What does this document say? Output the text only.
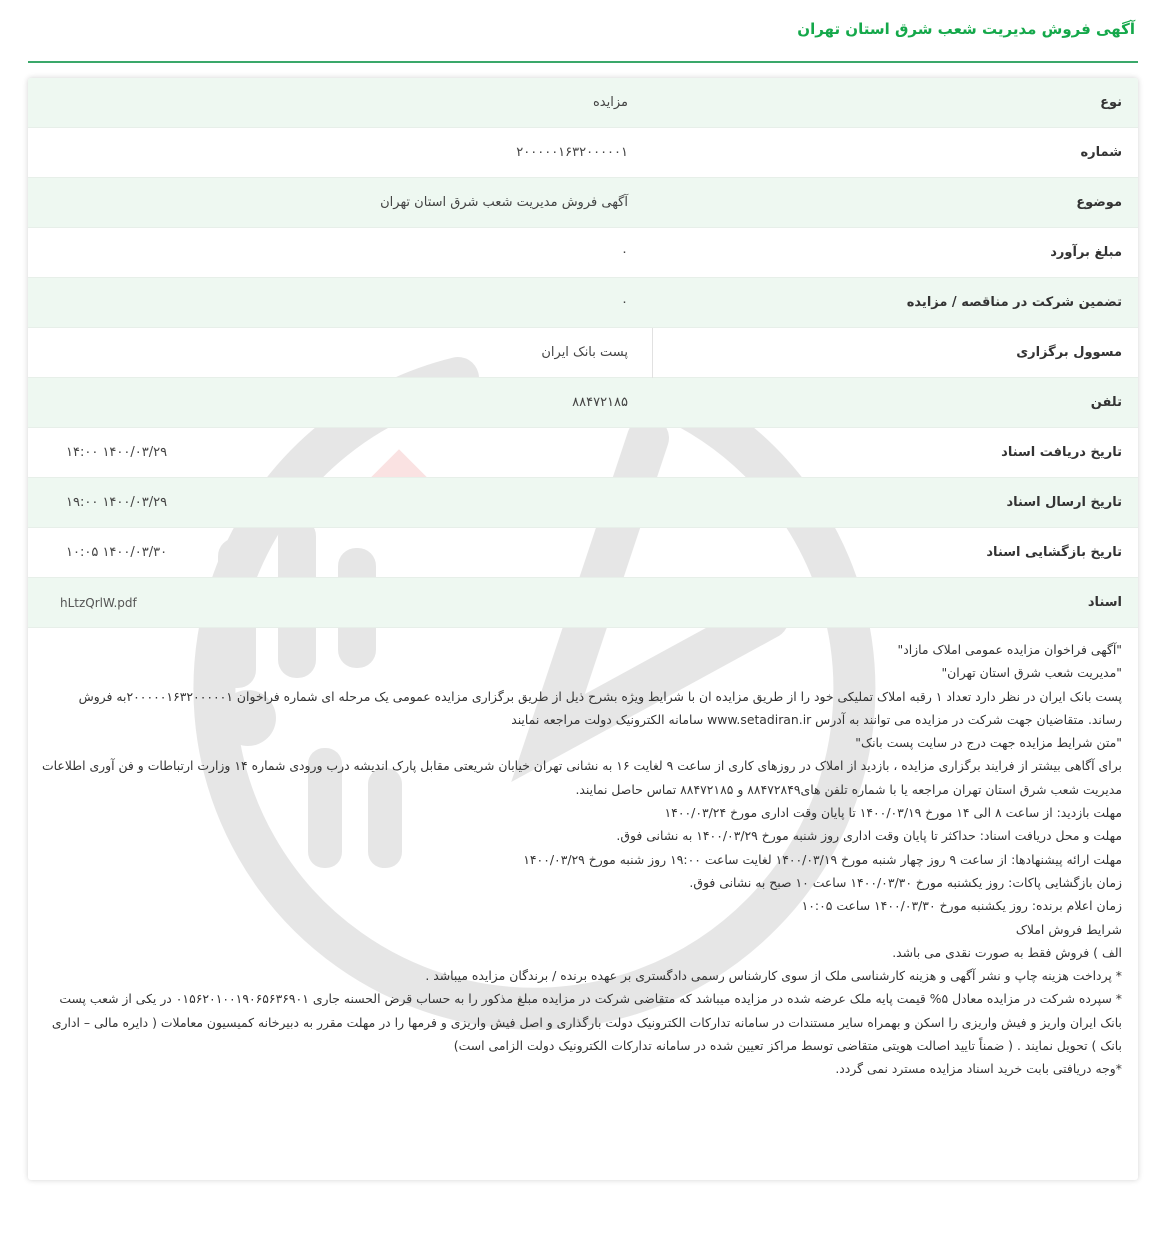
آگهی فروش مدیریت شعب شرق استان تهران
نوع
مزایده
شماره
۲۰۰۰۰۰۱۶۳۲۰۰۰۰۰۱
موضوع
آگهی فروش مدیریت شعب شرق استان تهران
مبلغ برآورد
۰
تضمین شرکت در مناقصه / مزایده
۰
مسوول برگزاری
پست بانک ایران
تلفن
۸۸۴۷۲۱۸۵
تاریخ دریافت اسناد
۱۴۰۰/۰۳/۲۹ ۱۴:۰۰
تاریخ ارسال اسناد
۱۴۰۰/۰۳/۲۹ ۱۹:۰۰
تاریخ بازگشایی اسناد
۱۴۰۰/۰۳/۳۰ ۱۰:۰۵
اسناد
hLtzQrlW.pdf

"آگهی فراخوان مزایده عمومی املاک مازاد"

"مدیریت شعب شرق استان تهران"

پست بانک ایران در نظر دارد تعداد ۱ رقبه املاک تملیکی خود را از طریق مزایده ان با شرایط ویژه بشرح ذیل از طریق برگزاری مزایده عمومی یک مرحله ای شماره فراخوان ۲۰۰۰۰۰۱۶۳۲۰۰۰۰۰۱به فروش رساند. متقاضیان جهت شرکت در مزایده می توانند به آدرس www.setadiran.ir سامانه الکترونیک دولت مراجعه نمایند

"متن شرایط مزایده جهت درج در سایت پست بانک"

برای آگاهی بیشتر از فرایند برگزاری مزایده ، بازدید از املاک در روزهای کاری از ساعت ۹ لغایت ۱۶ به نشانی تهران خیابان شریعتی مقابل پارک اندیشه درب ورودی شماره ۱۴ وزارت ارتباطات و فن آوری اطلاعات مدیریت شعب شرق استان تهران مراجعه یا با شماره تلفن های۸۸۴۷۲۸۴۹ و ۸۸۴۷۲۱۸۵ تماس حاصل نمایند.

مهلت بازدید: از ساعت ۸ الی ۱۴ مورخ ۱۴۰۰/۰۳/۱۹ تا پایان وقت اداری مورخ ۱۴۰۰/۰۳/۲۴

مهلت و محل دریافت اسناد: حداکثر تا پایان وقت اداری روز شنبه مورخ ۱۴۰۰/۰۳/۲۹ به نشانی فوق.

مهلت ارائه پیشنهادها: از ساعت ۹ روز چهار شنبه مورخ ۱۴۰۰/۰۳/۱۹ لغایت ساعت ۱۹:۰۰ روز شنبه مورخ ۱۴۰۰/۰۳/۲۹

زمان بازگشایی پاکات: روز یکشنبه مورخ ۱۴۰۰/۰۳/۳۰ ساعت ۱۰ صبح به نشانی فوق.

زمان اعلام برنده: روز یکشنبه مورخ ۱۴۰۰/۰۳/۳۰ ساعت ۱۰:۰۵

شرایط فروش املاک

الف ) فروش فقط به صورت نقدی می باشد.

* پرداخت هزینه چاپ و نشر آگهی و هزینه کارشناسی ملک از سوی کارشناس رسمی دادگستری بر عهده برنده / برندگان مزایده میباشد .

* سپرده شرکت در مزایده معادل ۵% قیمت پایه ملک عرضه شده در مزایده میباشد که متقاضی شرکت در مزایده مبلغ مذکور را به حساب قرض الحسنه جاری ۰۱۵۶۲۰۱۰۰۱۹۰۶۵۶۳۶۹۰۱ در یکی از شعب پست بانک ایران واریز و فیش واریزی را اسکن و بهمراه سایر مستندات در سامانه تدارکات الکترونیک دولت بارگذاری و اصل فیش واریزی و فرمها را در مهلت مقرر به دبیرخانه کمیسیون معاملات ( دایره مالی – اداری بانک ) تحویل نمایند . ( ضمناً تایید اصالت هویتی متقاضی توسط مراکز تعیین شده در سامانه تدارکات الکترونیک دولت الزامی است)

*وجه دریافتی بابت خرید اسناد مزایده مسترد نمی گردد.
